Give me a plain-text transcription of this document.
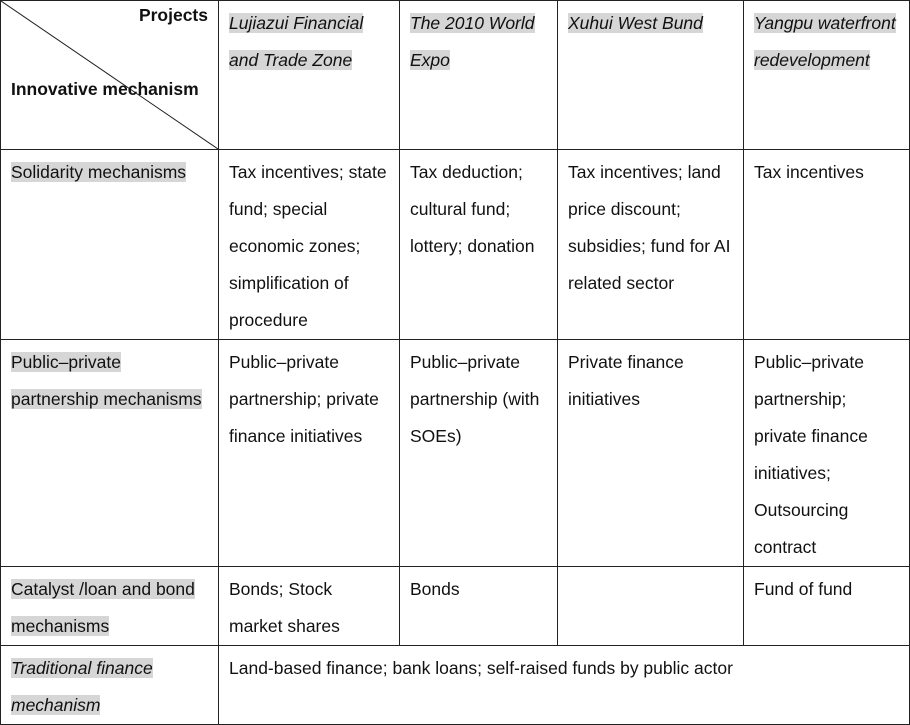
Projects
Innovative mechanism	Lujiazui Financial and Trade Zone	The 2010 World Expo	Xuhui West Bund	Yangpu waterfront redevelopment
Solidarity mechanisms	Tax incentives; state fund; special economic zones; simplification of procedure	Tax deduction; cultural fund; lottery; donation	Tax incentives; land price discount; subsidies; fund for AI related sector	Tax incentives
Public–private partnership mechanisms	Public–private partnership; private finance initiatives	Public–private partnership (with SOEs)	Private finance initiatives	Public–private partnership; private finance initiatives; Outsourcing contract
Catalyst /loan and bond mechanisms	Bonds; Stock market shares	Bonds		Fund of fund
Traditional finance mechanism	Land-based finance; bank loans; self-raised funds by public actor			
